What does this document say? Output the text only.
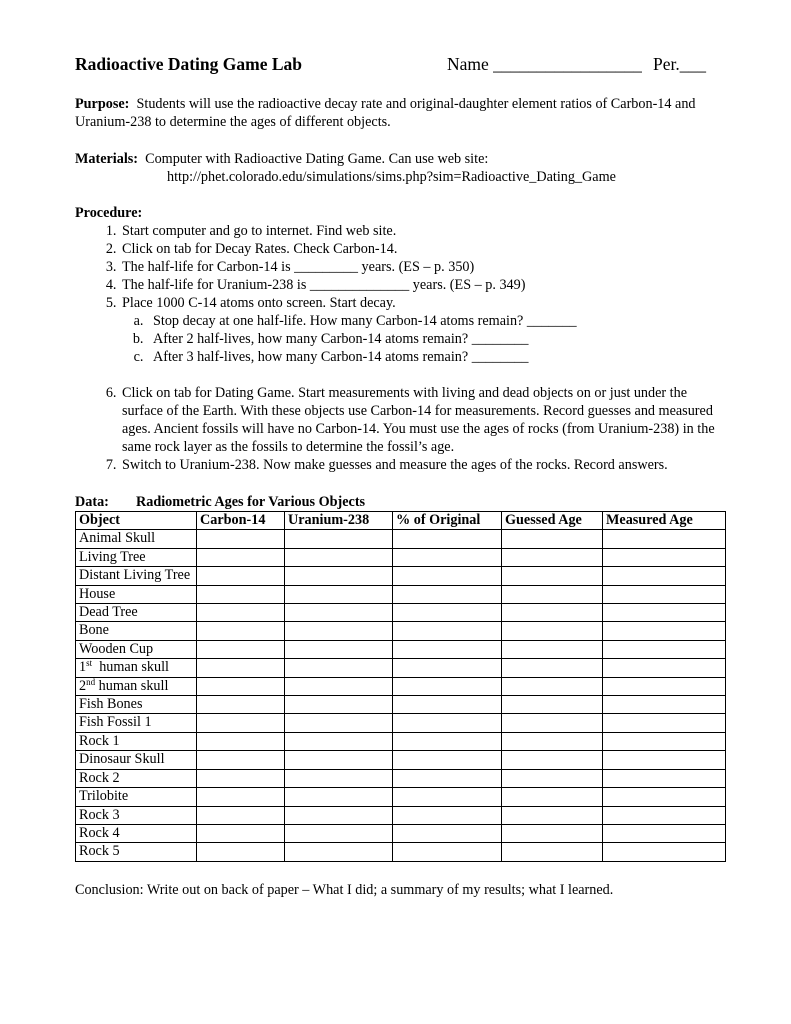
Radioactive Dating Game Lab	Name _________________ Per.___
Purpose: Students will use the radioactive decay rate and original-daughter element ratios of Carbon-14 and Uranium-238 to determine the ages of different objects.
Materials: Computer with Radioactive Dating Game. Can use web site:
http://phet.colorado.edu/simulations/sims.php?sim=Radioactive_Dating_Game
Procedure:
1. Start computer and go to internet. Find web site.
2. Click on tab for Decay Rates. Check Carbon-14.
3. The half-life for Carbon-14 is _________ years. (ES – p. 350)
4. The half-life for Uranium-238 is ______________ years. (ES – p. 349)
5. Place 1000 C-14 atoms onto screen. Start decay.
a. Stop decay at one half-life. How many Carbon-14 atoms remain? _______
b. After 2 half-lives, how many Carbon-14 atoms remain? ________
c. After 3 half-lives, how many Carbon-14 atoms remain? ________
6. Click on tab for Dating Game. Start measurements with living and dead objects on or just under the surface of the Earth. With these objects use Carbon-14 for measurements. Record guesses and measured ages. Ancient fossils will have no Carbon-14. You must use the ages of rocks (from Uranium-238) in the same rock layer as the fossils to determine the fossil’s age.
7. Switch to Uranium-238. Now make guesses and measure the ages of the rocks. Record answers.
Data: Radiometric Ages for Various Objects
Object	Carbon-14	Uranium-238	% of Original	Guessed Age	Measured Age
Animal Skull					
Living Tree					
Distant Living Tree					
House					
Dead Tree					
Bone					
Wooden Cup					
1st human skull					
2nd human skull					
Fish Bones					
Fish Fossil 1					
Rock 1					
Dinosaur Skull					
Rock 2					
Trilobite					
Rock 3					
Rock 4					
Rock 5					
Conclusion: Write out on back of paper – What I did; a summary of my results; what I learned.
